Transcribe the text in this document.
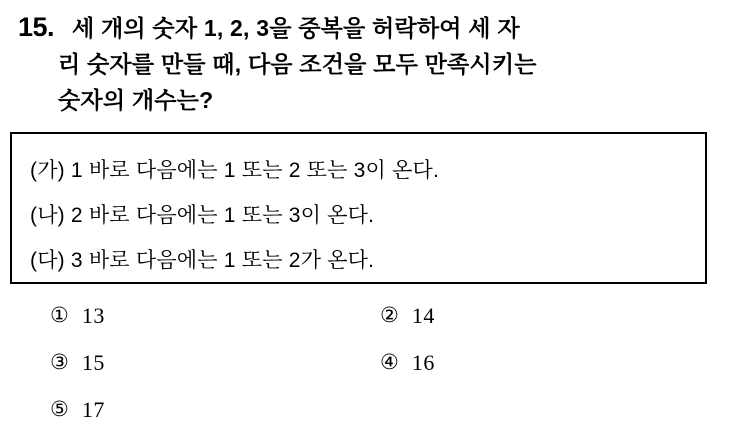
15. 세 개의 숫자 1, 2, 3을 중복을 허락하여 세 자
리 숫자를 만들 때, 다음 조건을 모두 만족시키는
숫자의 개수는?
(가) 1 바로 다음에는 1 또는 2 또는 3이 온다.
(나) 2 바로 다음에는 1 또는 3이 온다.
(다) 3 바로 다음에는 1 또는 2가 온다.
① 13	② 14
③ 15	④ 16
⑤ 17
